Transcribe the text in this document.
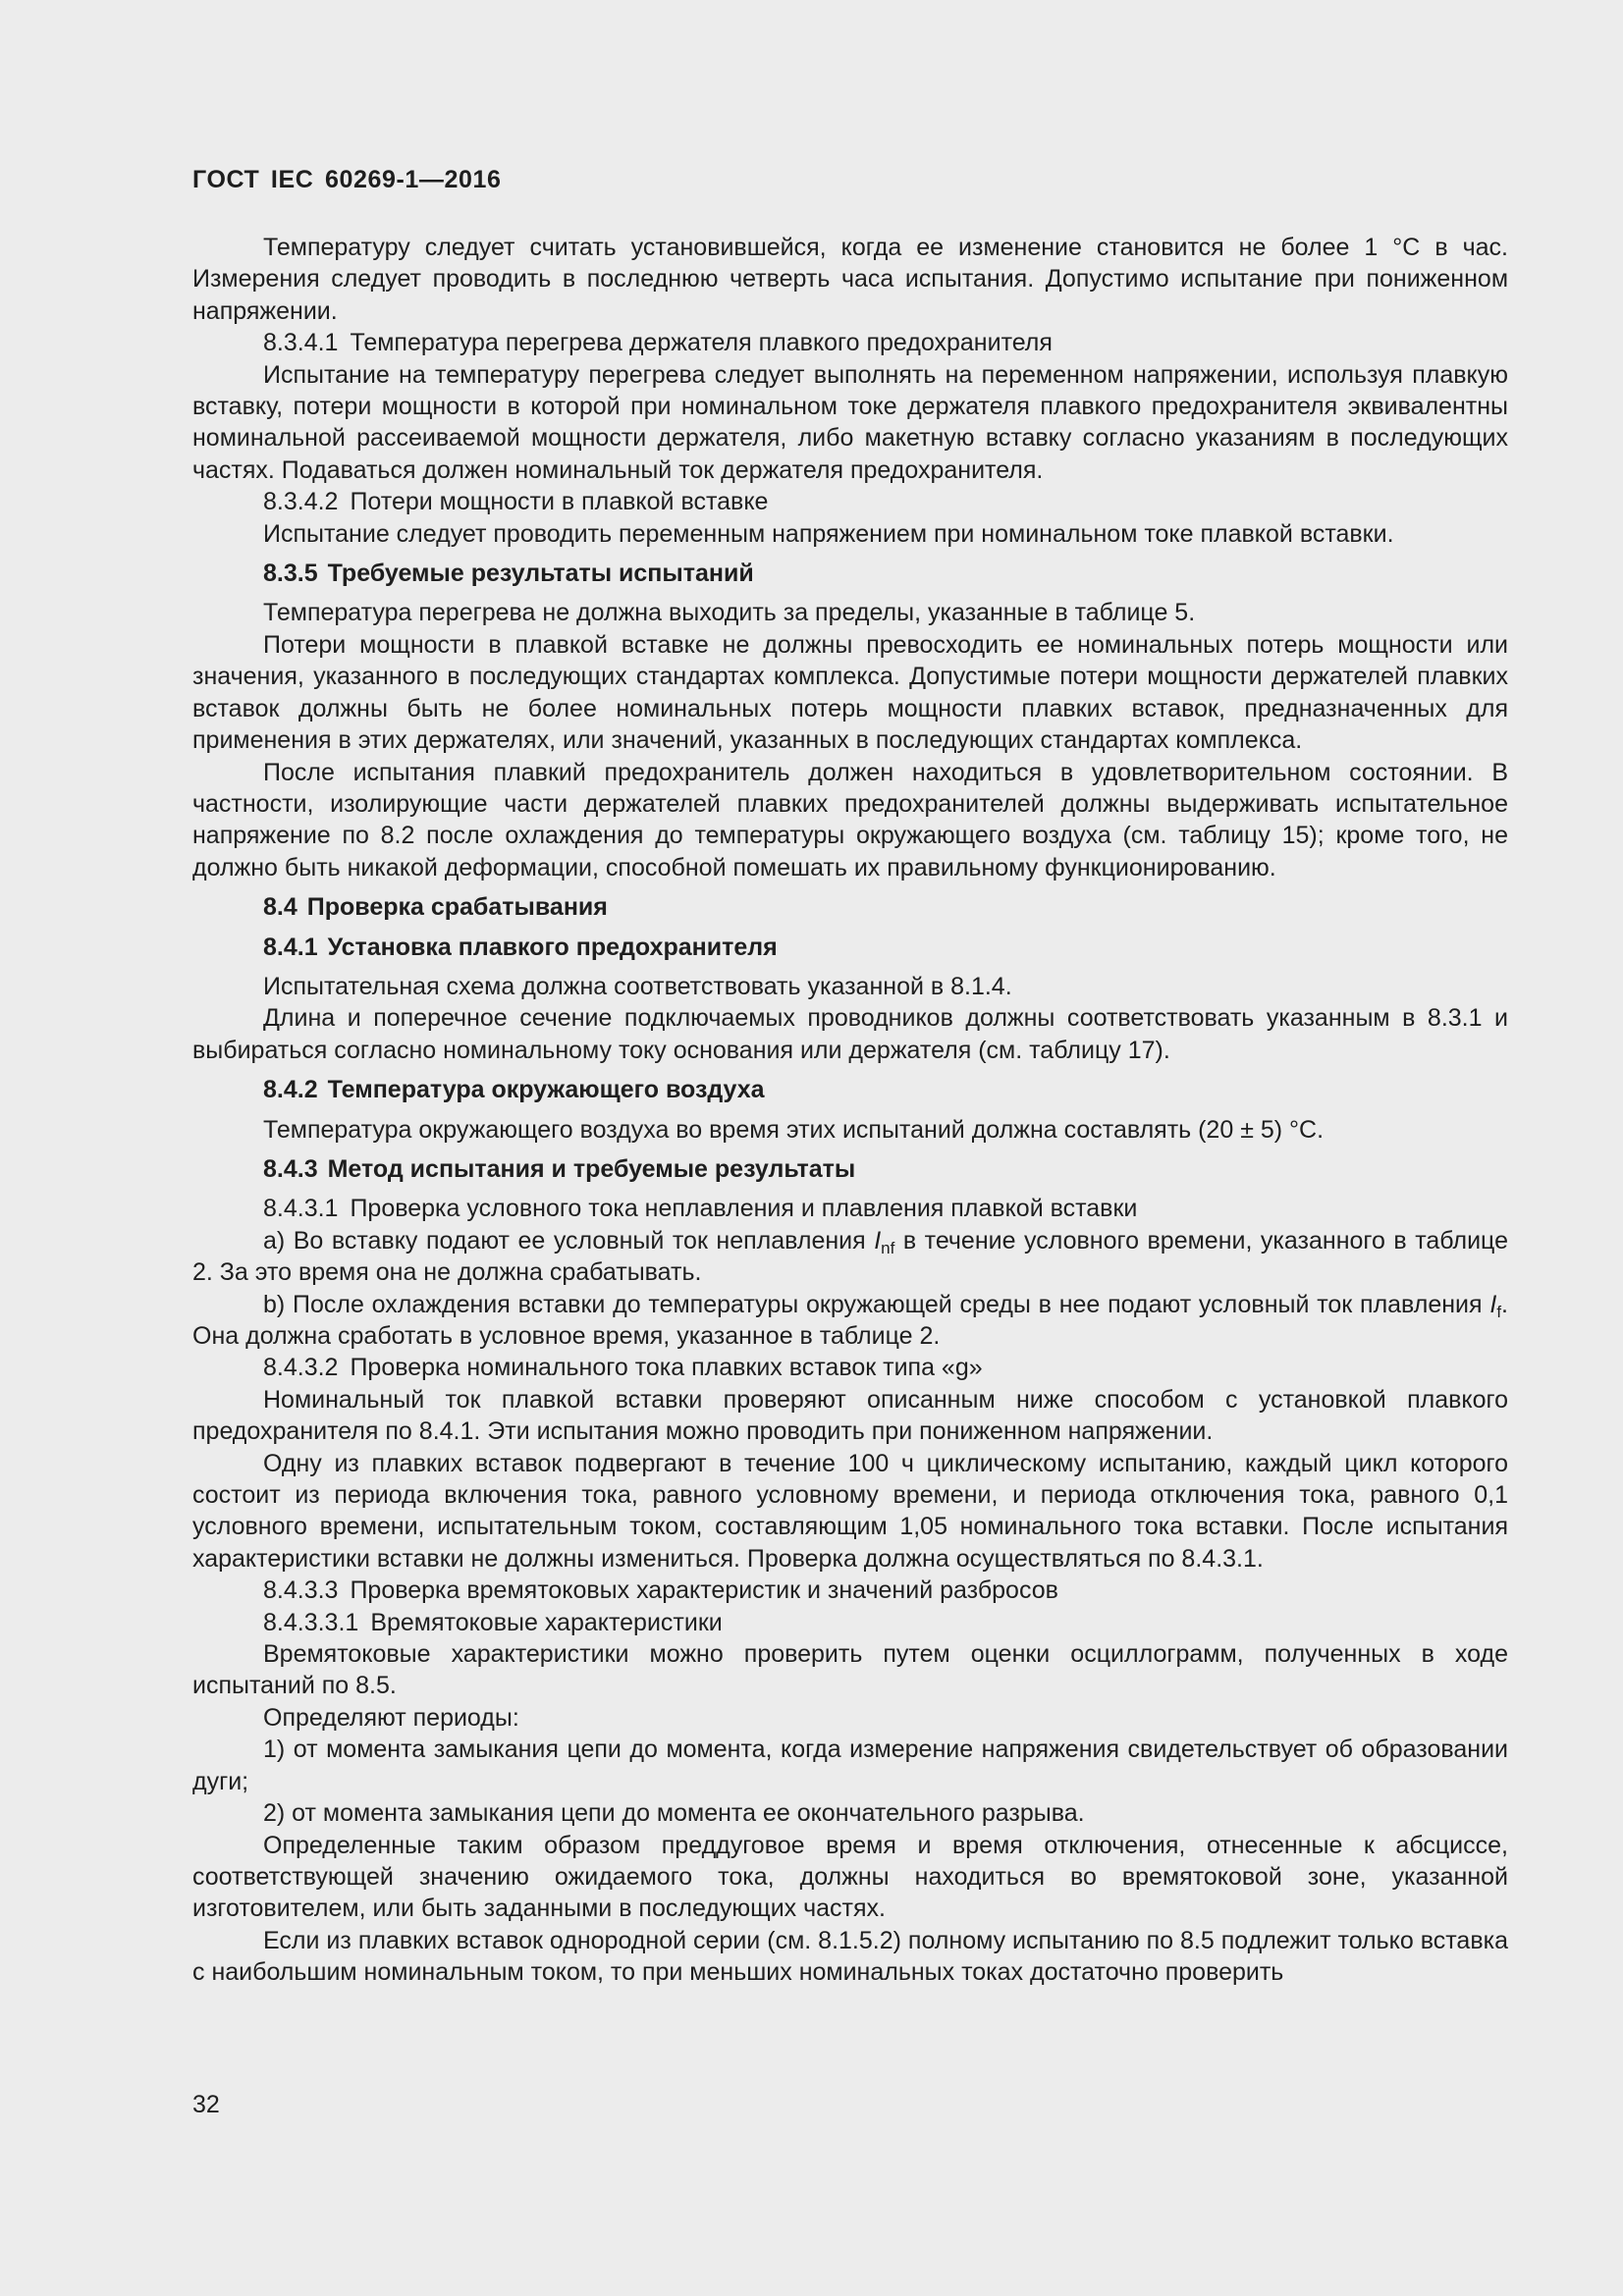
ГОСТ IEC 60269-1—2016

Температуру следует считать установившейся, когда ее изменение становится не более 1 °С в час. Измерения следует проводить в последнюю четверть часа испытания. Допустимо испытание при пониженном напряжении.

8.3.4.1 Температура перегрева держателя плавкого предохранителя

Испытание на температуру перегрева следует выполнять на переменном напряжении, используя плавкую вставку, потери мощности в которой при номинальном токе держателя плавкого предохранителя эквивалентны номинальной рассеиваемой мощности держателя, либо макетную вставку согласно указаниям в последующих частях. Подаваться должен номинальный ток держателя предохранителя.

8.3.4.2 Потери мощности в плавкой вставке

Испытание следует проводить переменным напряжением при номинальном токе плавкой вставки.

8.3.5 Требуемые результаты испытаний

Температура перегрева не должна выходить за пределы, указанные в таблице 5.

Потери мощности в плавкой вставке не должны превосходить ее номинальных потерь мощности или значения, указанного в последующих стандартах комплекса. Допустимые потери мощности держателей плавких вставок должны быть не более номинальных потерь мощности плавких вставок, предназначенных для применения в этих держателях, или значений, указанных в последующих стандартах комплекса.

После испытания плавкий предохранитель должен находиться в удовлетворительном состоянии. В частности, изолирующие части держателей плавких предохранителей должны выдерживать испытательное напряжение по 8.2 после охлаждения до температуры окружающего воздуха (см. таблицу 15); кроме того, не должно быть никакой деформации, способной помешать их правильному функционированию.

8.4 Проверка срабатывания
8.4.1 Установка плавкого предохранителя

Испытательная схема должна соответствовать указанной в 8.1.4.

Длина и поперечное сечение подключаемых проводников должны соответствовать указанным в 8.3.1 и выбираться согласно номинальному току основания или держателя (см. таблицу 17).

8.4.2 Температура окружающего воздуха

Температура окружающего воздуха во время этих испытаний должна составлять (20 ± 5) °С.

8.4.3 Метод испытания и требуемые результаты

8.4.3.1 Проверка условного тока неплавления и плавления плавкой вставки

а) Во вставку подают ее условный ток неплавления $I_{nf}$ в течение условного времени, указанного в таблице 2. За это время она не должна срабатывать.

b) После охлаждения вставки до температуры окружающей среды в нее подают условный ток плавления $I_f$. Она должна сработать в условное время, указанное в таблице 2.

8.4.3.2 Проверка номинального тока плавких вставок типа «g»

Номинальный ток плавкой вставки проверяют описанным ниже способом с установкой плавкого предохранителя по 8.4.1. Эти испытания можно проводить при пониженном напряжении.

Одну из плавких вставок подвергают в течение 100 ч циклическому испытанию, каждый цикл которого состоит из периода включения тока, равного условному времени, и периода отключения тока, равного 0,1 условного времени, испытательным током, составляющим 1,05 номинального тока вставки. После испытания характеристики вставки не должны измениться. Проверка должна осуществляться по 8.4.3.1.

8.4.3.3 Проверка времятоковых характеристик и значений разбросов

8.4.3.3.1 Времятоковые характеристики

Времятоковые характеристики можно проверить путем оценки осциллограмм, полученных в ходе испытаний по 8.5.

Определяют периоды:

1) от момента замыкания цепи до момента, когда измерение напряжения свидетельствует об образовании дуги;

2) от момента замыкания цепи до момента ее окончательного разрыва.

Определенные таким образом преддуговое время и время отключения, отнесенные к абсциссе, соответствующей значению ожидаемого тока, должны находиться во времятоковой зоне, указанной изготовителем, или быть заданными в последующих частях.

Если из плавких вставок однородной серии (см. 8.1.5.2) полному испытанию по 8.5 подлежит только вставка с наибольшим номинальным током, то при меньших номинальных токах достаточно проверить

32
